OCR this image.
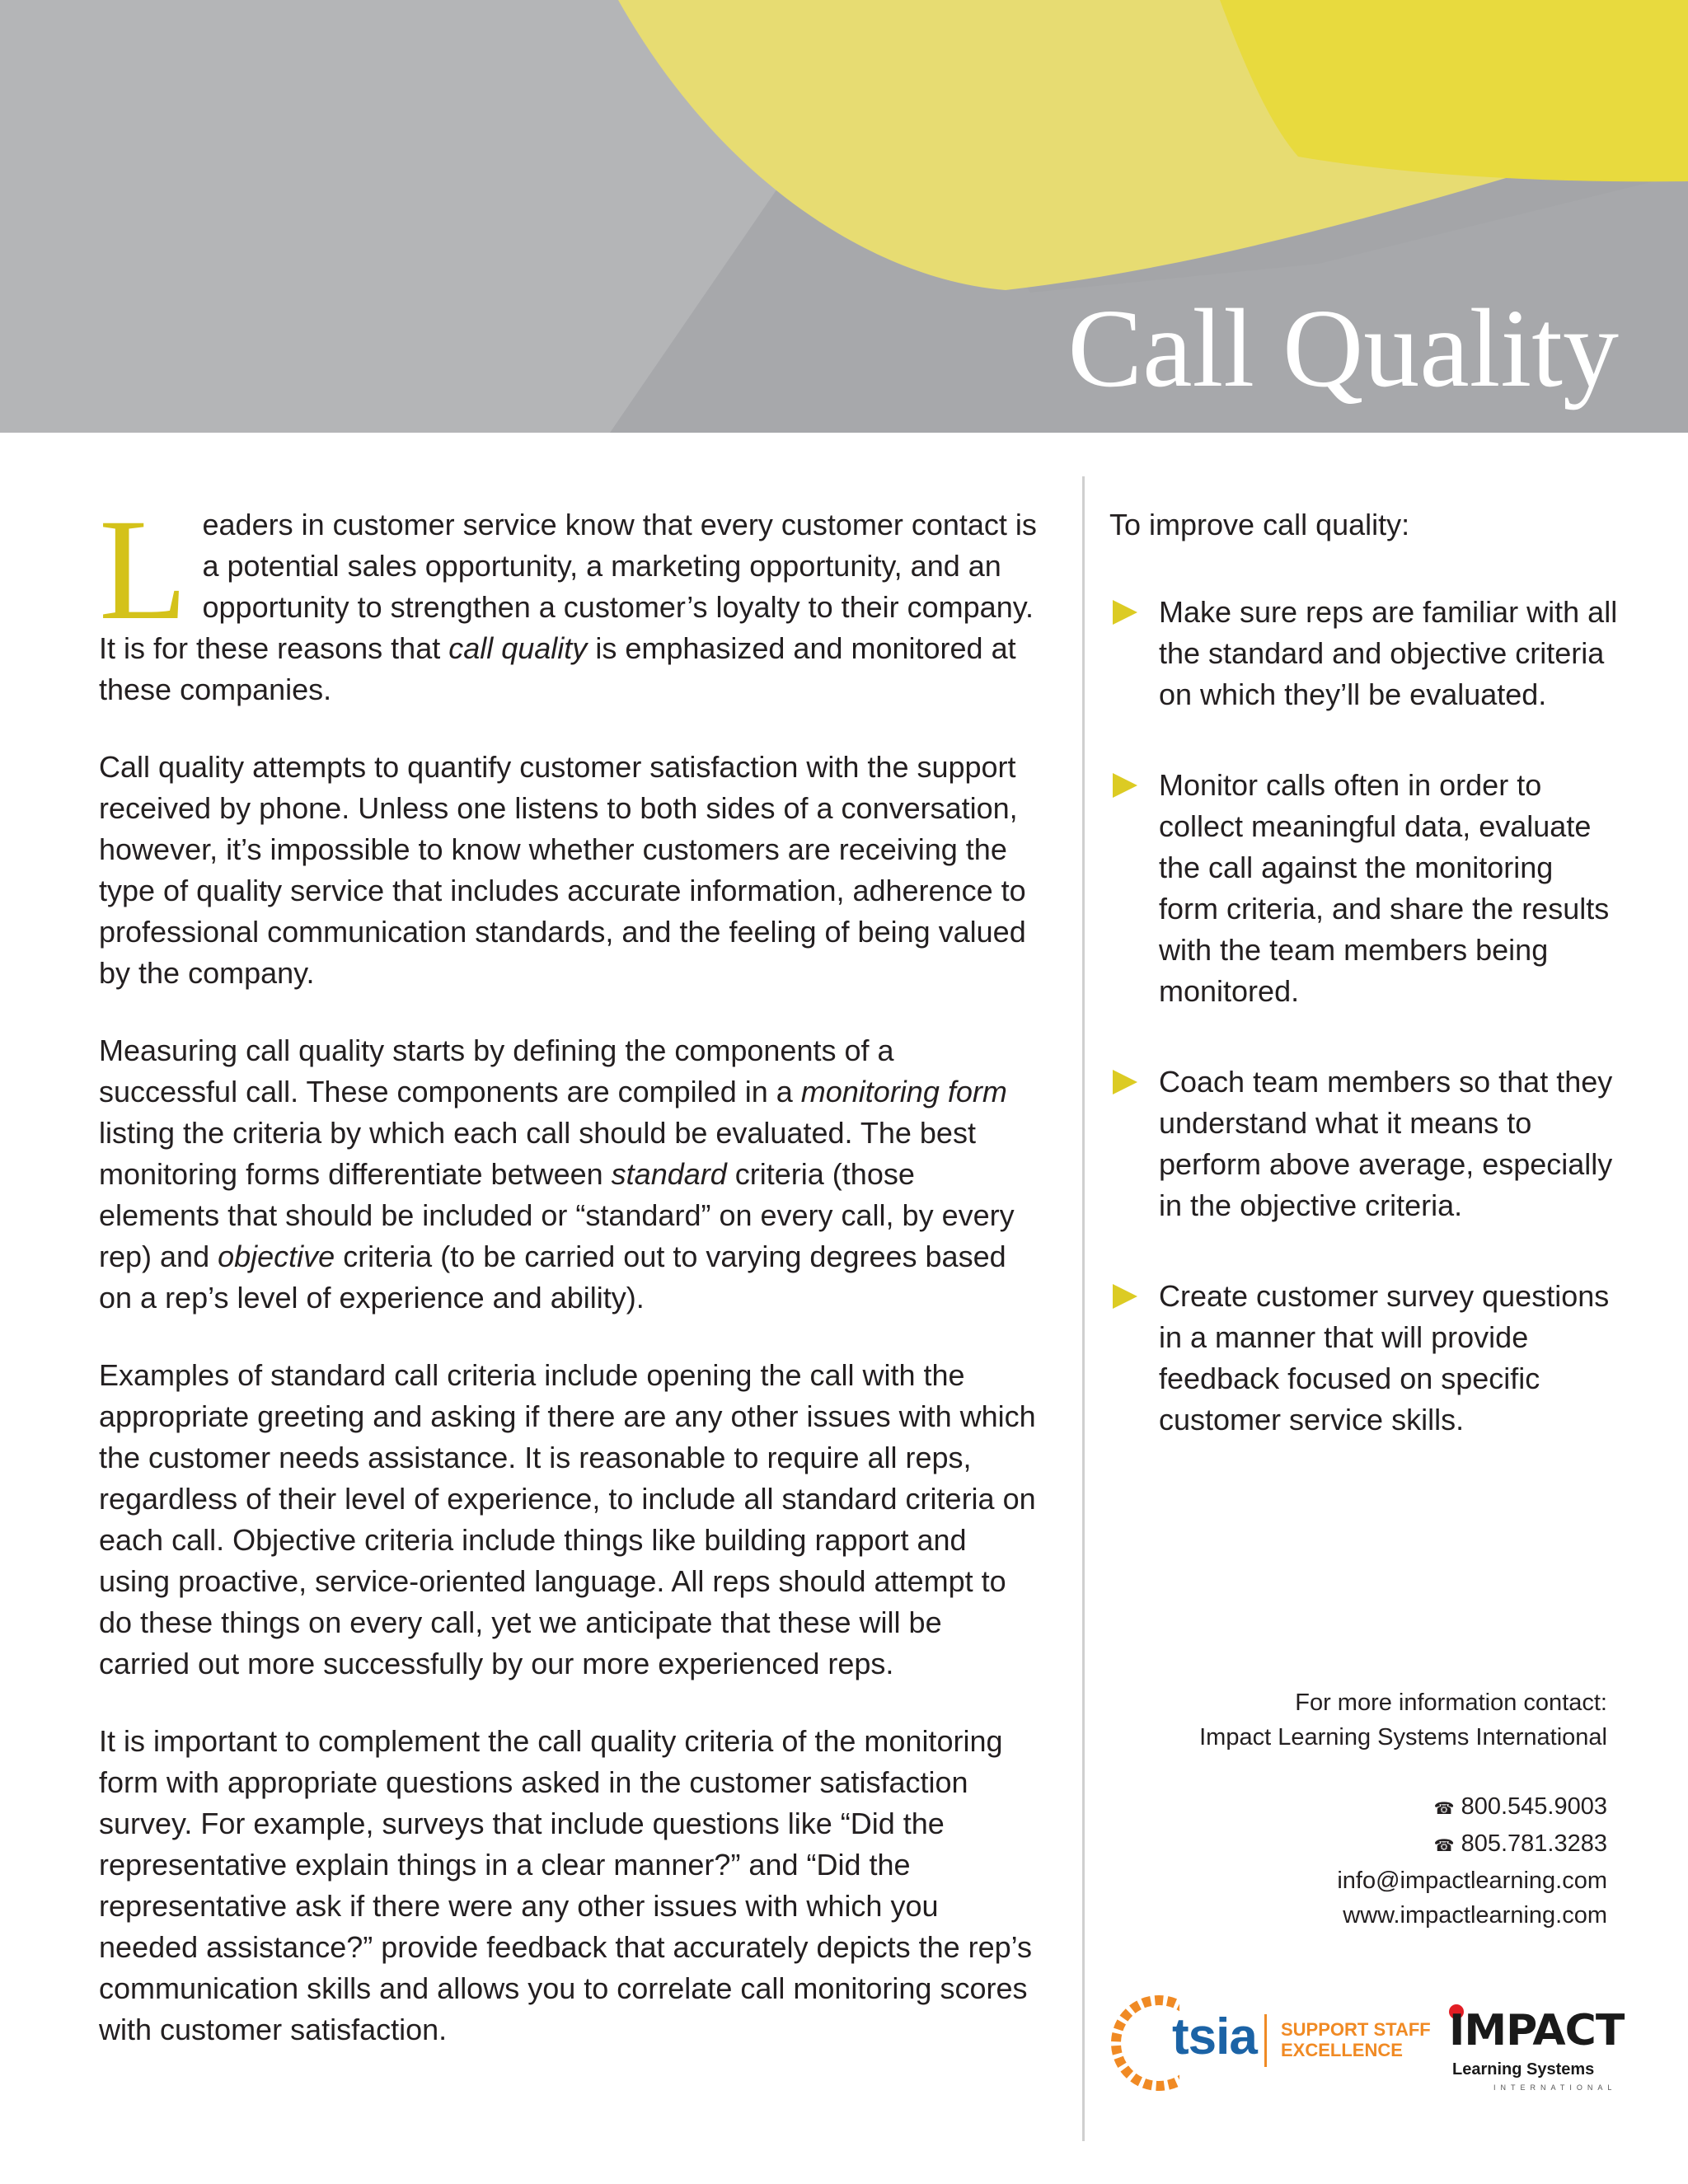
Call Quality

Leaders in customer service know that every customer contact is a potential sales opportunity, a marketing opportunity, and an opportunity to strengthen a customer’s loyalty to their company. It is for these reasons that call quality is emphasized and monitored at these companies.

Call quality attempts to quantify customer satisfaction with the support received by phone. Unless one listens to both sides of a conversation, however, it’s impossible to know whether customers are receiving the type of quality service that includes accurate information, adherence to professional communication standards, and the feeling of being valued by the company.

Measuring call quality starts by defining the components of a successful call. These components are compiled in a monitoring form listing the criteria by which each call should be evaluated. The best monitoring forms differentiate between standard criteria (those elements that should be included or “standard” on every call, by every rep) and objective criteria (to be carried out to varying degrees based on a rep’s level of experience and ability).

Examples of standard call criteria include opening the call with the appropriate greeting and asking if there are any other issues with which the customer needs assistance. It is reasonable to require all reps, regardless of their level of experience, to include all standard criteria on each call. Objective criteria include things like building rapport and using proactive, service-oriented language. All reps should attempt to do these things on every call, yet we anticipate that these will be carried out more successfully by our more experienced reps.

It is important to complement the call quality criteria of the monitoring form with appropriate questions asked in the customer satisfaction survey. For example, surveys that include questions like “Did the representative explain things in a clear manner?” and “Did the representative ask if there were any other issues with which you needed assistance?” provide feedback that accurately depicts the rep’s communication skills and allows you to correlate call monitoring scores with customer satisfaction.

To improve call quality:
Make sure reps are familiar with all the standard and objective criteria on which they’ll be evaluated.
Monitor calls often in order to collect meaningful data, evaluate the call against the monitoring form criteria, and share the results with the team members being monitored.
Coach team members so that they understand what it means to perform above average, especially in the objective criteria.
Create customer survey questions in a manner that will provide feedback focused on specific customer service skills.
For more information contact:
Impact Learning Systems International
☎ 800.545.9003
☎ 805.781.3283
info@impactlearning.com
www.impactlearning.com
tsia SUPPORT STAFF
EXCELLENCE	IMPACT
Learning Systems
INTERNATIONAL
